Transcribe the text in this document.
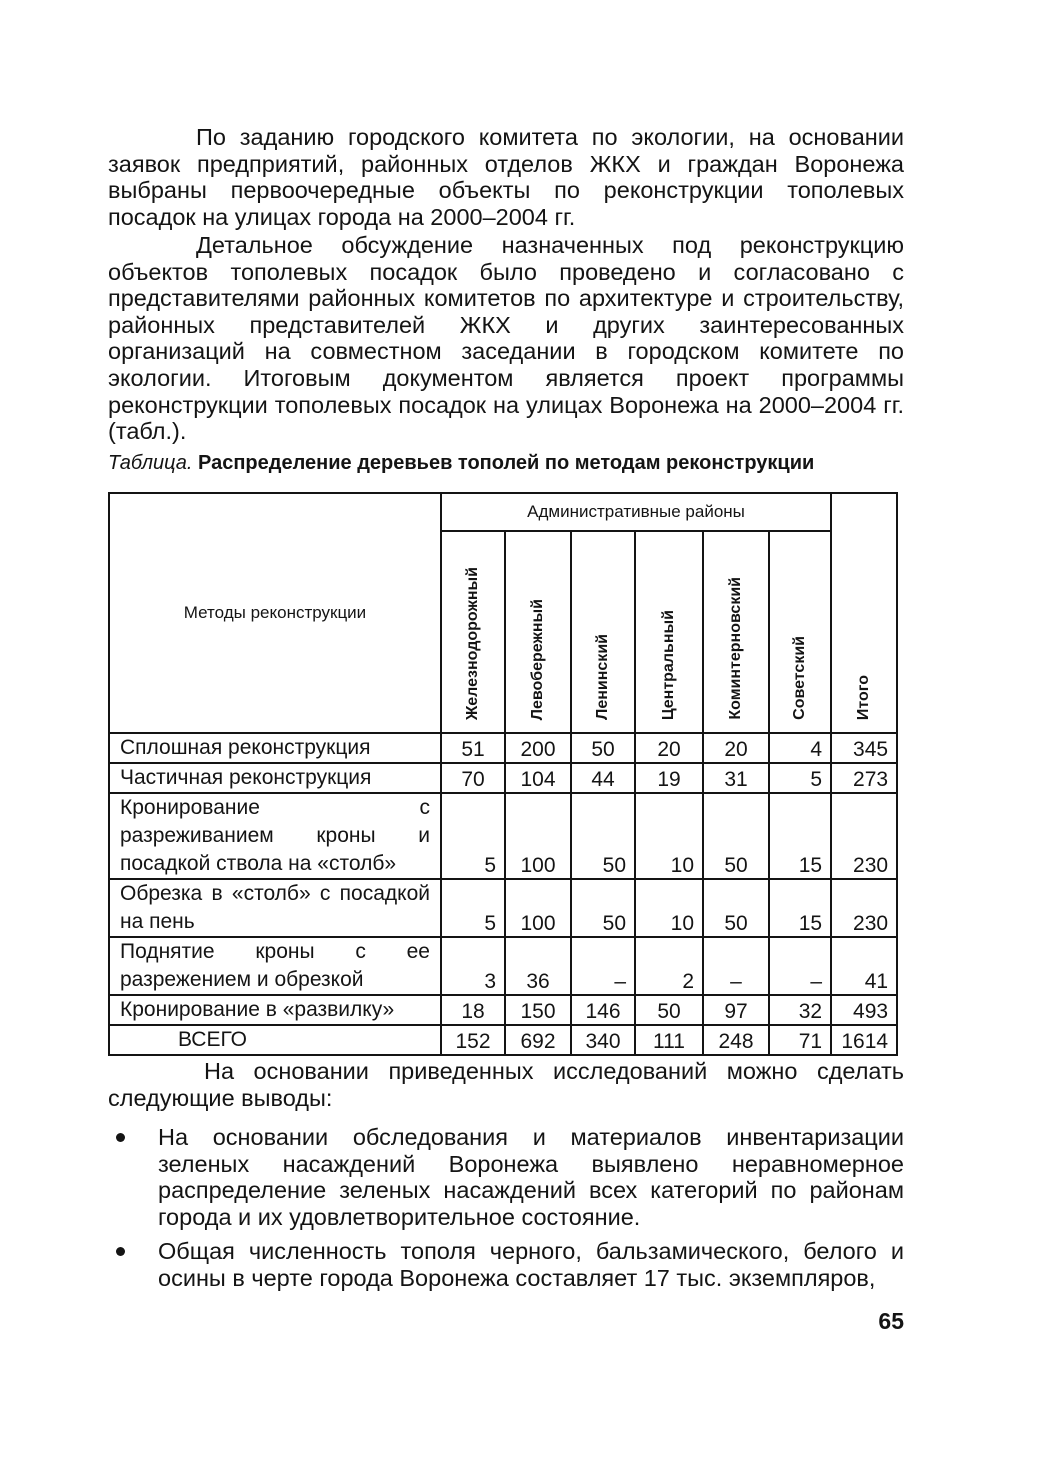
По заданию городского комитета по экологии, на основании заявок предприятий, районных отделов ЖКХ и граждан Воронежа выбраны первоочередные объекты по реконструкции тополевых посадок на улицах города на 2000–2004 гг.

Детальное обсуждение назначенных под реконструкцию объектов тополевых посадок было проведено и согласовано с представителями районных комитетов по архитектуре и строительству, районных представителей ЖКХ и других заинтересованных организаций на совместном заседании в городском комитете по экологии. Итоговым документом является проект программы реконструкции тополевых посадок на улицах Воронежа на 2000–2004 гг. (табл.).

Таблица. Распределение деревьев тополей по методам реконструкции

Методы реконструкции	Административные районы						Итого
	Железнодорожный	Левобережный	Ленинский	Центральный	Коминтерновский	Советский	
Сплошная реконструкция	51	200	50	20	20	4	345
Частичная реконструкция	70	104	44	19	31	5	273
Кронирование с разреживанием кроны и посадкой ствола на «столб»	5	100	50	10	50	15	230
Обрезка в «столб» с посадкой на пень	5	100	50	10	50	15	230
Поднятие кроны с ее разрежением и обрезкой	3	36	–	2	–	–	41
Кронирование в «развилку»	18	150	146	50	97	32	493
ВСЕГО	152	692	340	111	248	71	1614

На основании приведенных исследований можно сделать следующие выводы:

На основании обследования и материалов инвентаризации зеленых насаждений Воронежа выявлено неравномерное распределение зеленых насаждений всех категорий по районам города и их удовлетворительное состояние.
Общая численность тополя черного, бальзамического, белого и осины в черте города Воронежа составляет 17 тыс. экземпляров,
65
